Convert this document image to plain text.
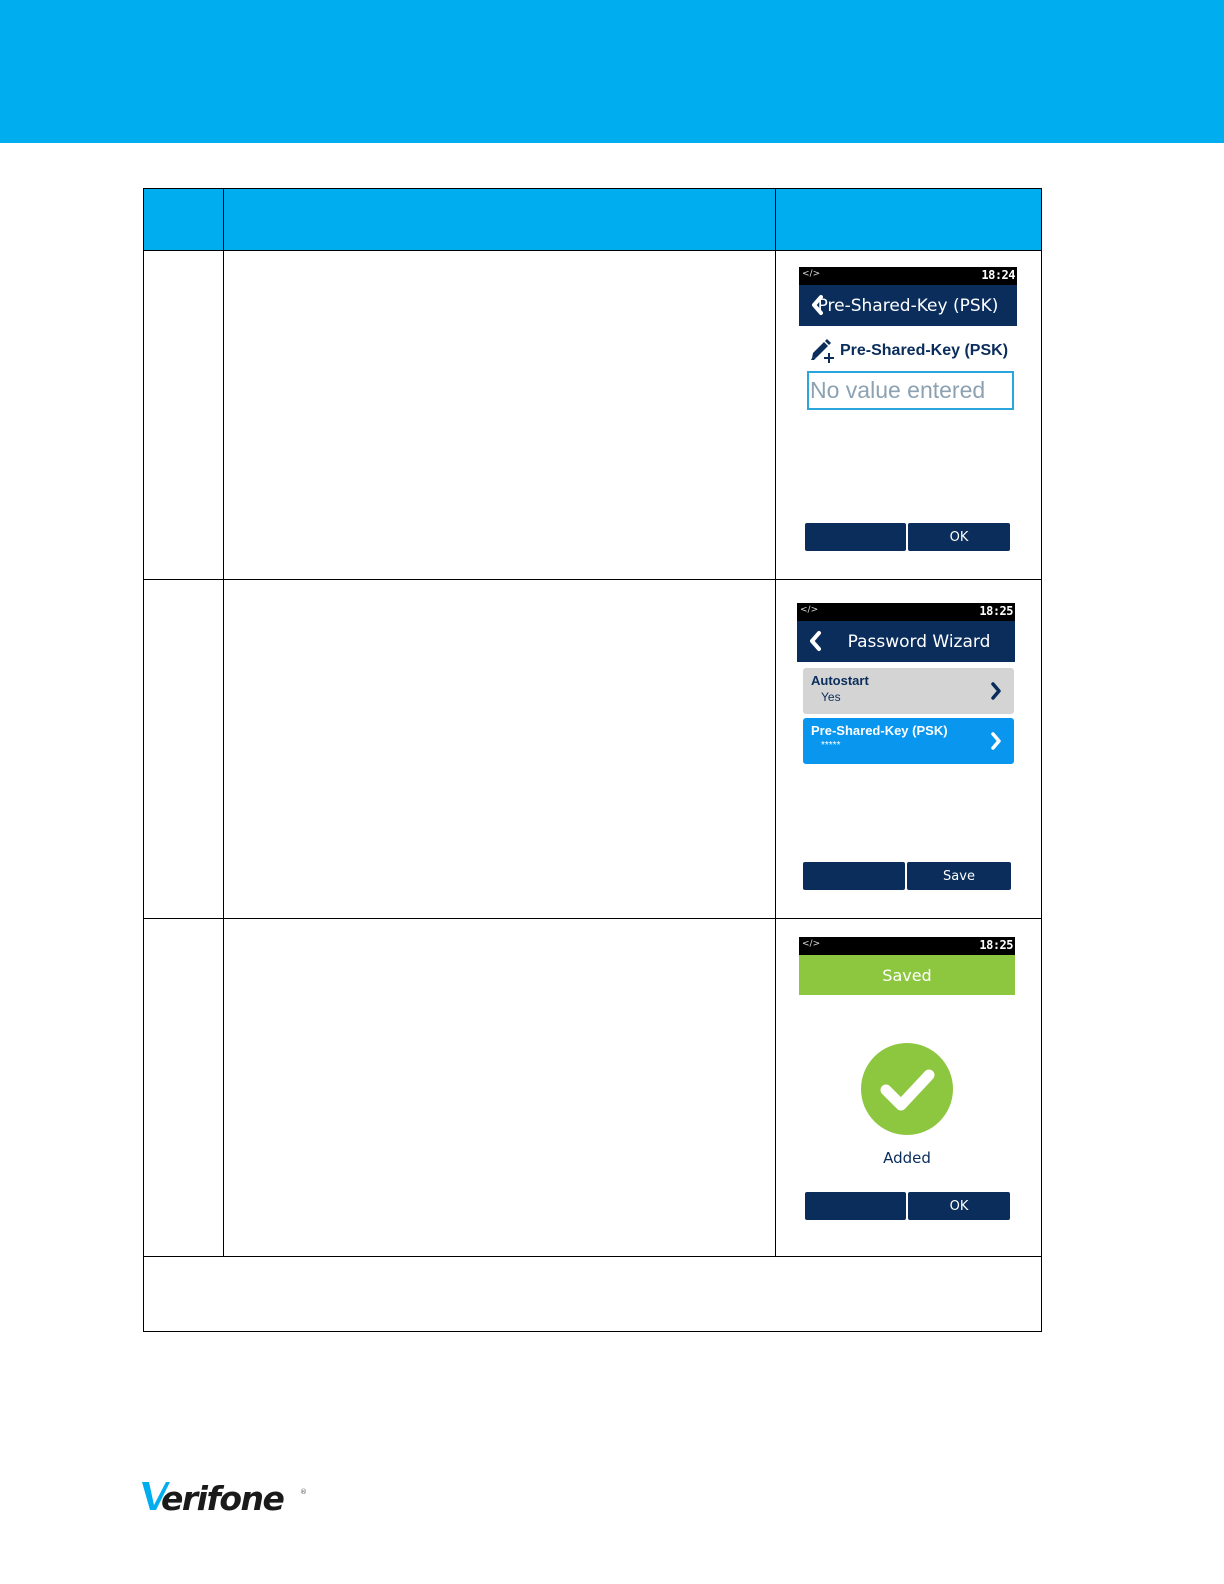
</>	18:24
Pre-Shared-Key (PSK)
Pre-Shared-Key (PSK)
No value entered
OK
</>	18:25
Password Wizard
Autostart
Yes
Pre-Shared-Key (PSK)
*****
Save
</>	18:25
Saved
Added
OK
erifone ®
